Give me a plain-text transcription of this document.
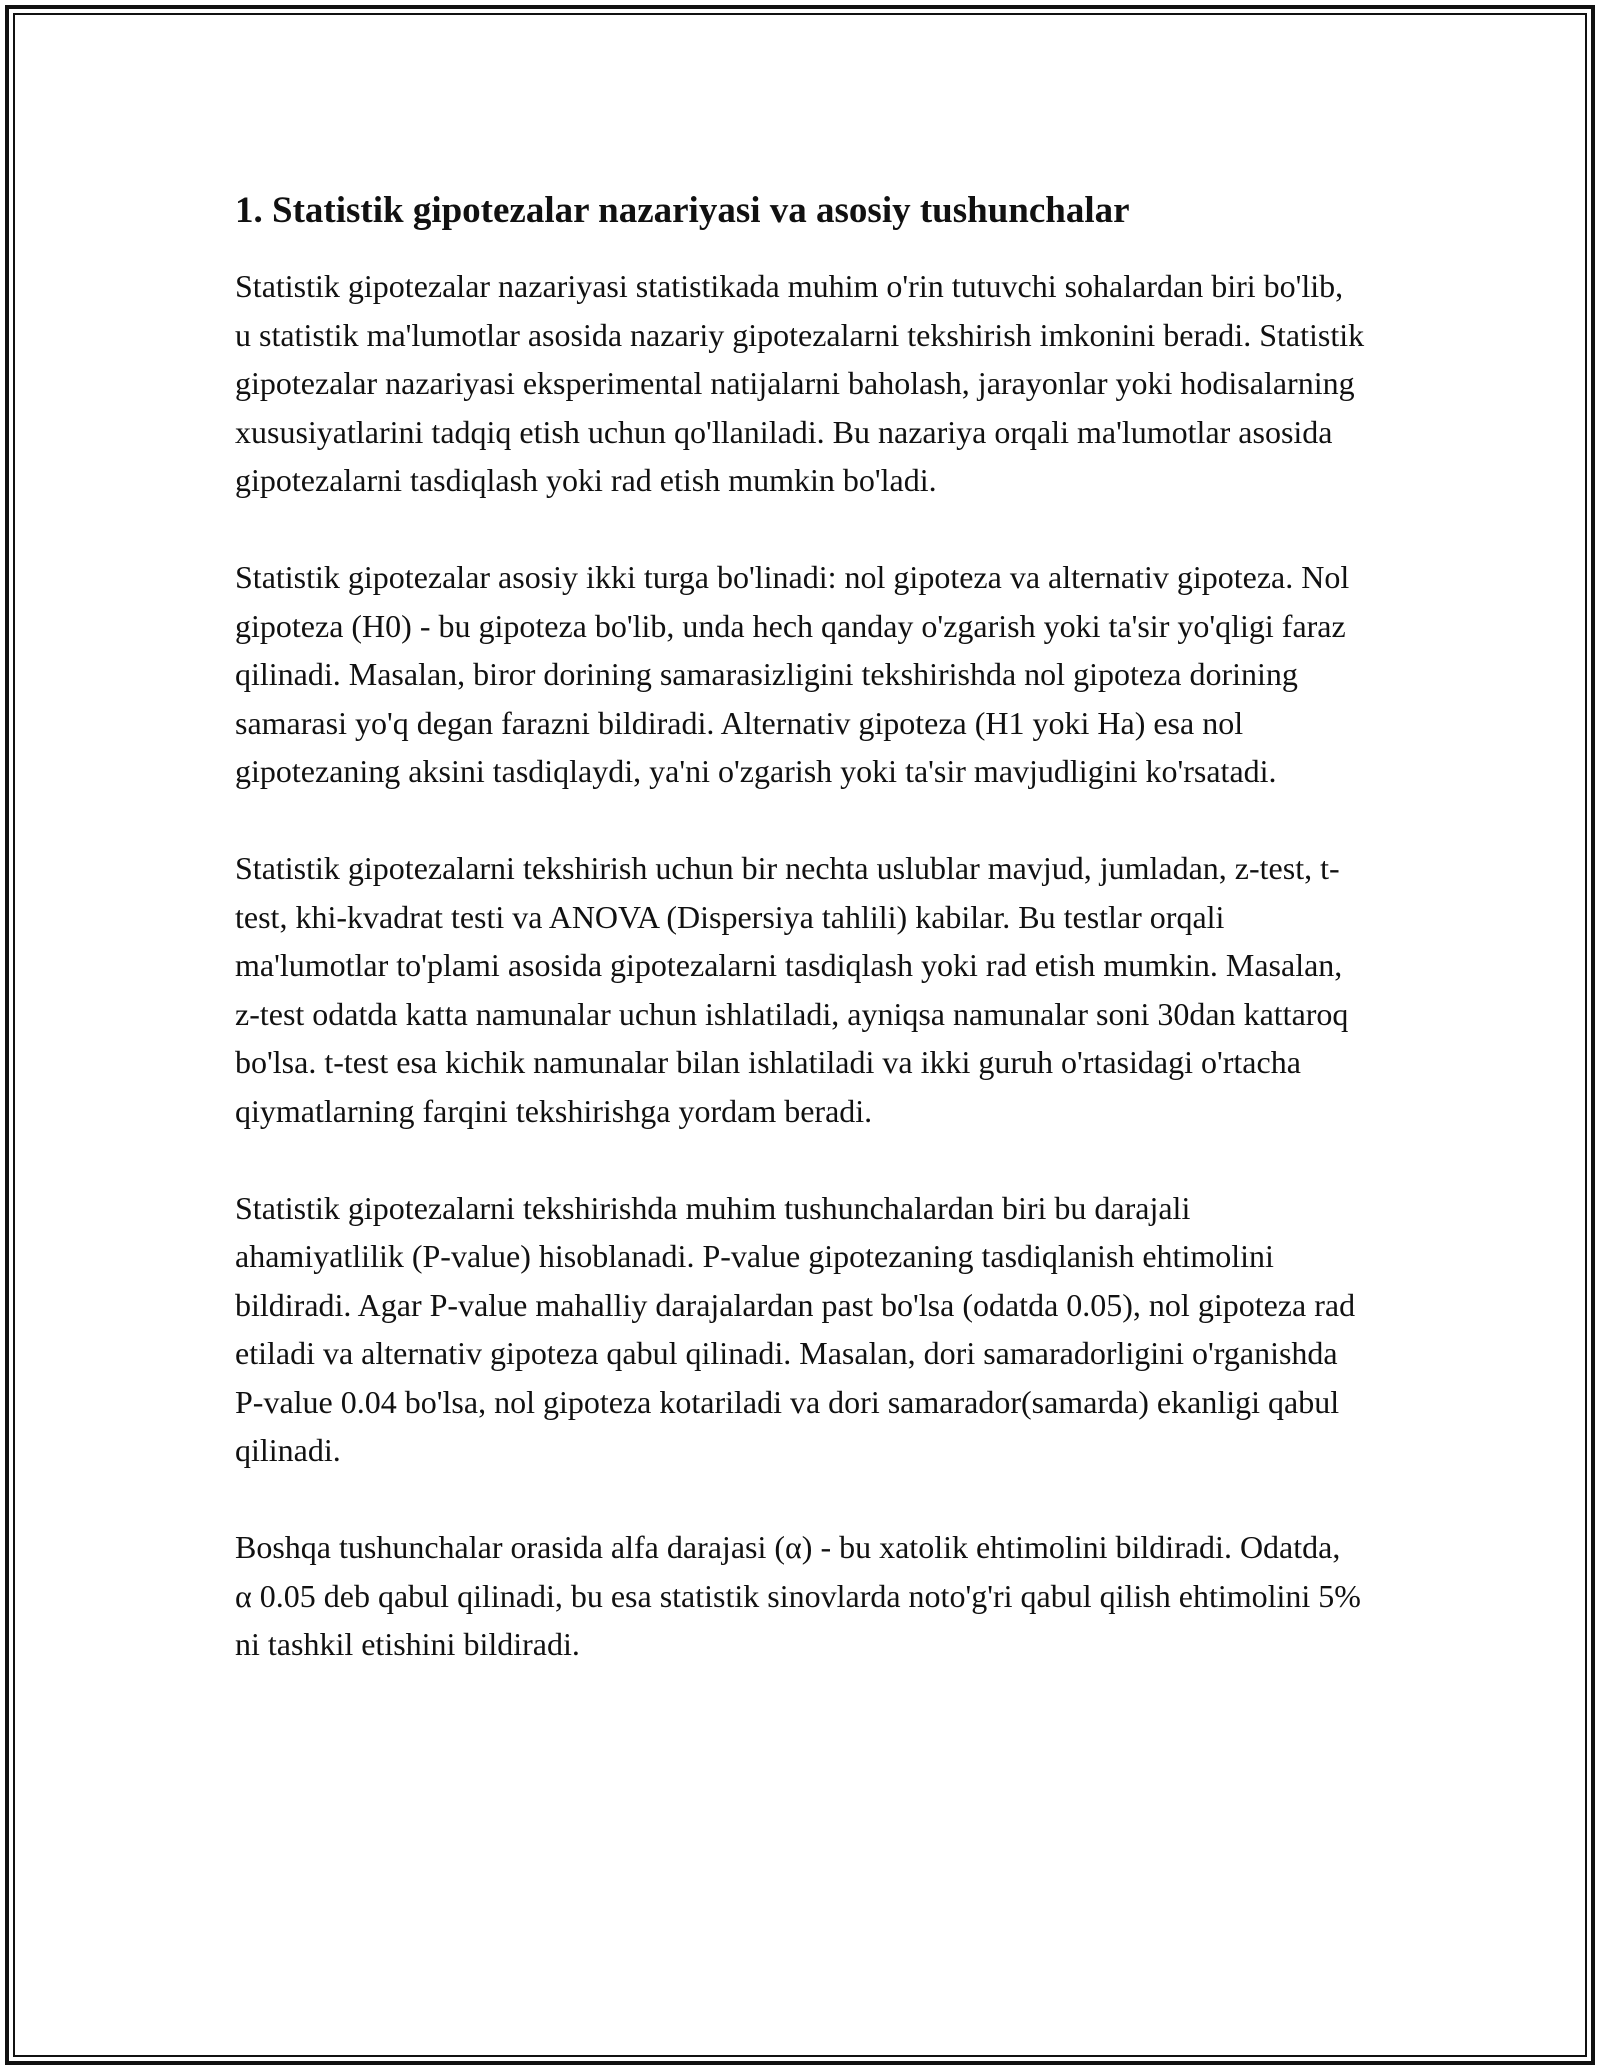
1. Statistik gipotezalar nazariyasi va asosiy tushunchalar

Statistik gipotezalar nazariyasi statistikada muhim o'rin tutuvchi sohalardan biri bo'lib, u statistik ma'lumotlar asosida nazariy gipotezalarni tekshirish imkonini beradi. Statistik gipotezalar nazariyasi eksperimental natijalarni baholash, jarayonlar yoki hodisalarning xususiyatlarini tadqiq etish uchun qo'llaniladi. Bu nazariya orqali ma'lumotlar asosida gipotezalarni tasdiqlash yoki rad etish mumkin bo'ladi.

Statistik gipotezalar asosiy ikki turga bo'linadi: nol gipoteza va alternativ gipoteza. Nol gipoteza (H0) - bu gipoteza bo'lib, unda hech qanday o'zgarish yoki ta'sir yo'qligi faraz qilinadi. Masalan, biror dorining samarasizligini tekshirishda nol gipoteza dorining samarasi yo'q degan farazni bildiradi. Alternativ gipoteza (H1 yoki Ha) esa nol gipotezaning aksini tasdiqlaydi, ya'ni o'zgarish yoki ta'sir mavjudligini ko'rsatadi.

Statistik gipotezalarni tekshirish uchun bir nechta uslublar mavjud, jumladan, z-test, t-test, khi-kvadrat testi va ANOVA (Dispersiya tahlili) kabilar. Bu testlar orqali ma'lumotlar to'plami asosida gipotezalarni tasdiqlash yoki rad etish mumkin. Masalan, z-test odatda katta namunalar uchun ishlatiladi, ayniqsa namunalar soni 30dan kattaroq bo'lsa. t-test esa kichik namunalar bilan ishlatiladi va ikki guruh o'rtasidagi o'rtacha qiymatlarning farqini tekshirishga yordam beradi.

Statistik gipotezalarni tekshirishda muhim tushunchalardan biri bu darajali ahamiyatlilik (P-value) hisoblanadi. P-value gipotezaning tasdiqlanish ehtimolini bildiradi. Agar P-value mahalliy darajalardan past bo'lsa (odatda 0.05), nol gipoteza rad etiladi va alternativ gipoteza qabul qilinadi. Masalan, dori samaradorligini o'rganishda P-value 0.04 bo'lsa, nol gipoteza kotariladi va dori samarador(samarda) ekanligi qabul qilinadi.

Boshqa tushunchalar orasida alfa darajasi (α) - bu xatolik ehtimolini bildiradi. Odatda, α 0.05 deb qabul qilinadi, bu esa statistik sinovlarda noto'g'ri qabul qilish ehtimolini 5% ni tashkil etishini bildiradi.
